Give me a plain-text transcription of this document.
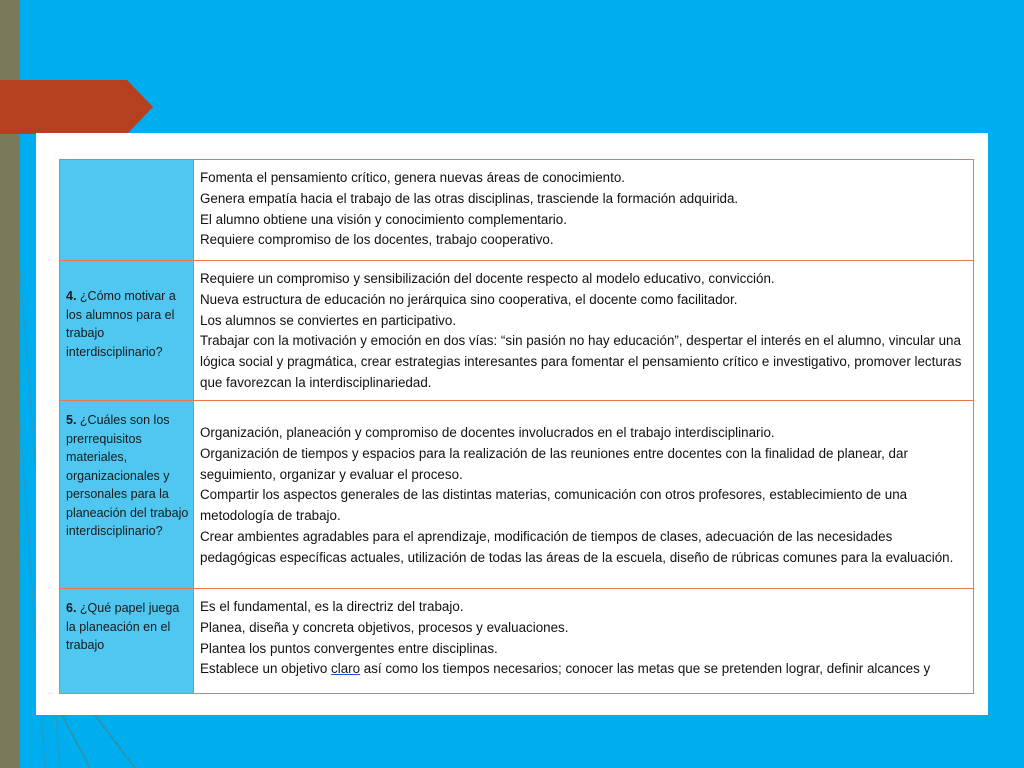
	Fomenta el pensamiento crítico, genera nuevas áreas de conocimiento.
Genera empatía hacia el trabajo de las otras disciplinas, trasciende la formación adquirida.
El alumno obtiene una visión y conocimiento complementario.
Requiere compromiso de los docentes, trabajo cooperativo.

4. ¿Cómo motivar a los alumnos para el trabajo interdisciplinario?	Requiere un compromiso y sensibilización del docente respecto al modelo educativo, convicción.
Nueva estructura de educación no jerárquica sino cooperativa, el docente como facilitador.
Los alumnos se conviertes en participativo.
Trabajar con la motivación y emoción en dos vías: “sin pasión no hay educación”, despertar el interés en el alumno, vincular una lógica social y pragmática, crear estrategias interesantes para fomentar el pensamiento crítico e investigativo, promover lecturas que favorezcan la interdisciplinariedad.

5. ¿Cuáles son los prerrequisitos materiales, organizacionales y personales para la planeación del trabajo interdisciplinario?	Organización, planeación y compromiso de docentes involucrados en el trabajo interdisciplinario.
Organización de tiempos y espacios para la realización de las reuniones entre docentes con la finalidad de planear, dar seguimiento, organizar y evaluar el proceso.
Compartir los aspectos generales de las distintas materias, comunicación con otros profesores, establecimiento de una metodología de trabajo.
Crear ambientes agradables para el aprendizaje, modificación de tiempos de clases, adecuación de las necesidades pedagógicas específicas actuales, utilización de todas las áreas de la escuela, diseño de rúbricas comunes para la evaluación.

6. ¿Qué papel juega la planeación en el trabajo	Es el fundamental, es la directriz del trabajo.
Planea, diseña y concreta objetivos, procesos y evaluaciones.
Plantea los puntos convergentes entre disciplinas.
Establece un objetivo claro así como los tiempos necesarios; conocer las metas que se pretenden lograr, definir alcances y
